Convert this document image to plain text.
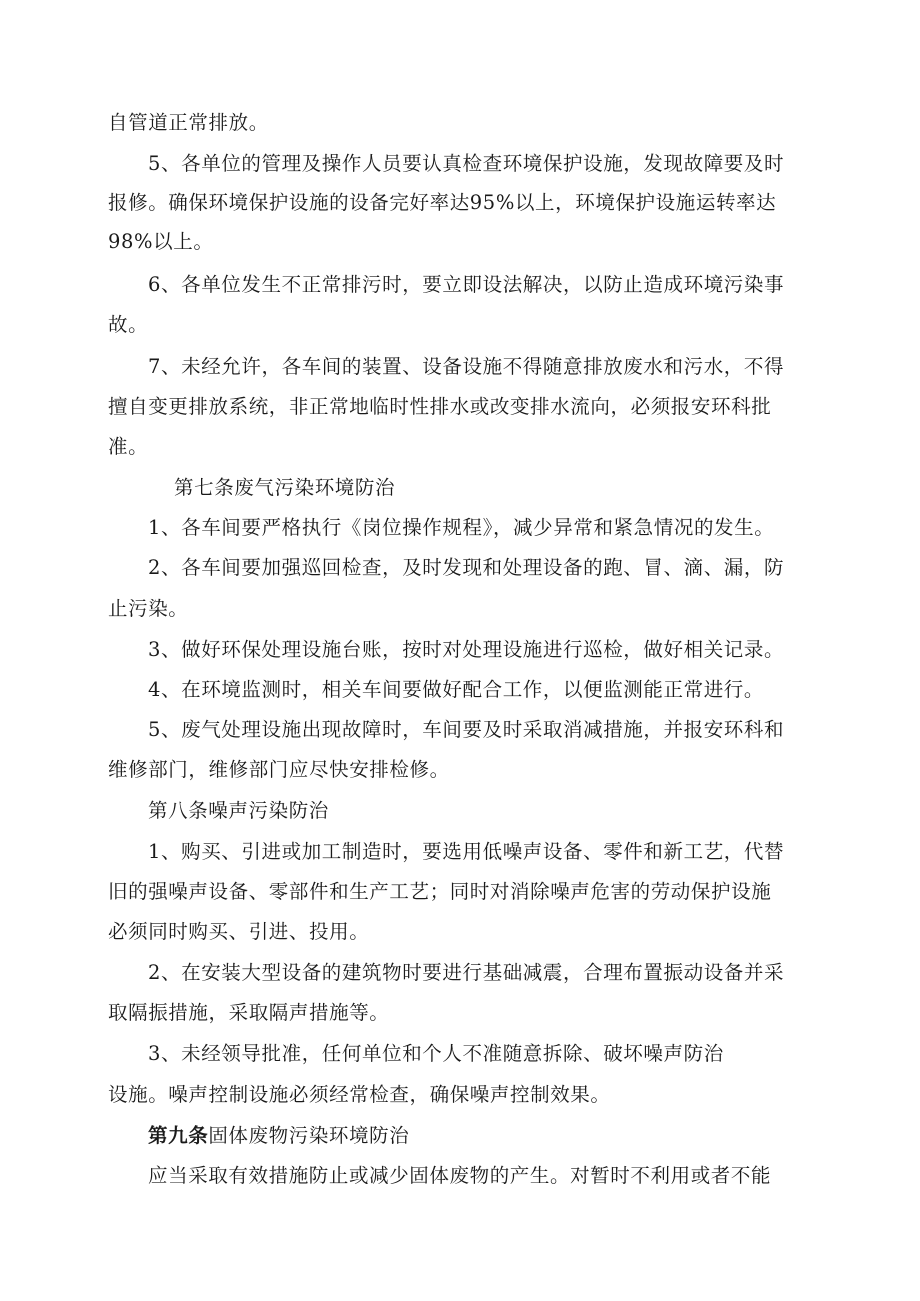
自管道正常排放。
5、各单位的管理及操作人员要认真检查环境保护设施，发现故障要及时
报修。确保环境保护设施的设备完好率达95%以上，环境保护设施运转率达
98%以上。
6、各单位发生不正常排污时，要立即设法解决，以防止造成环境污染事
故。
7、未经允许，各车间的装置、设备设施不得随意排放废水和污水，不得
擅自变更排放系统，非正常地临时性排水或改变排水流向，必须报安环科批
准。
第七条废气污染环境防治
1、各车间要严格执行《岗位操作规程》，减少异常和紧急情况的发生。
2、各车间要加强巡回检查，及时发现和处理设备的跑、冒、滴、漏，防
止污染。
3、做好环保处理设施台账，按时对处理设施进行巡检，做好相关记录。
4、在环境监测时，相关车间要做好配合工作，以便监测能正常进行。
5、废气处理设施出现故障时，车间要及时采取消减措施，并报安环科和
维修部门，维修部门应尽快安排检修。
第八条噪声污染防治
1、购买、引进或加工制造时，要选用低噪声设备、零件和新工艺，代替
旧的强噪声设备、零部件和生产工艺；同时对消除噪声危害的劳动保护设施
必须同时购买、引进、投用。
2、在安装大型设备的建筑物时要进行基础减震，合理布置振动设备并采
取隔振措施，采取隔声措施等。
3、未经领导批准，任何单位和个人不准随意拆除、破坏噪声防治
设施。噪声控制设施必须经常检查，确保噪声控制效果。
第九条固体废物污染环境防治
应当采取有效措施防止或减少固体废物的产生。对暂时不利用或者不能
